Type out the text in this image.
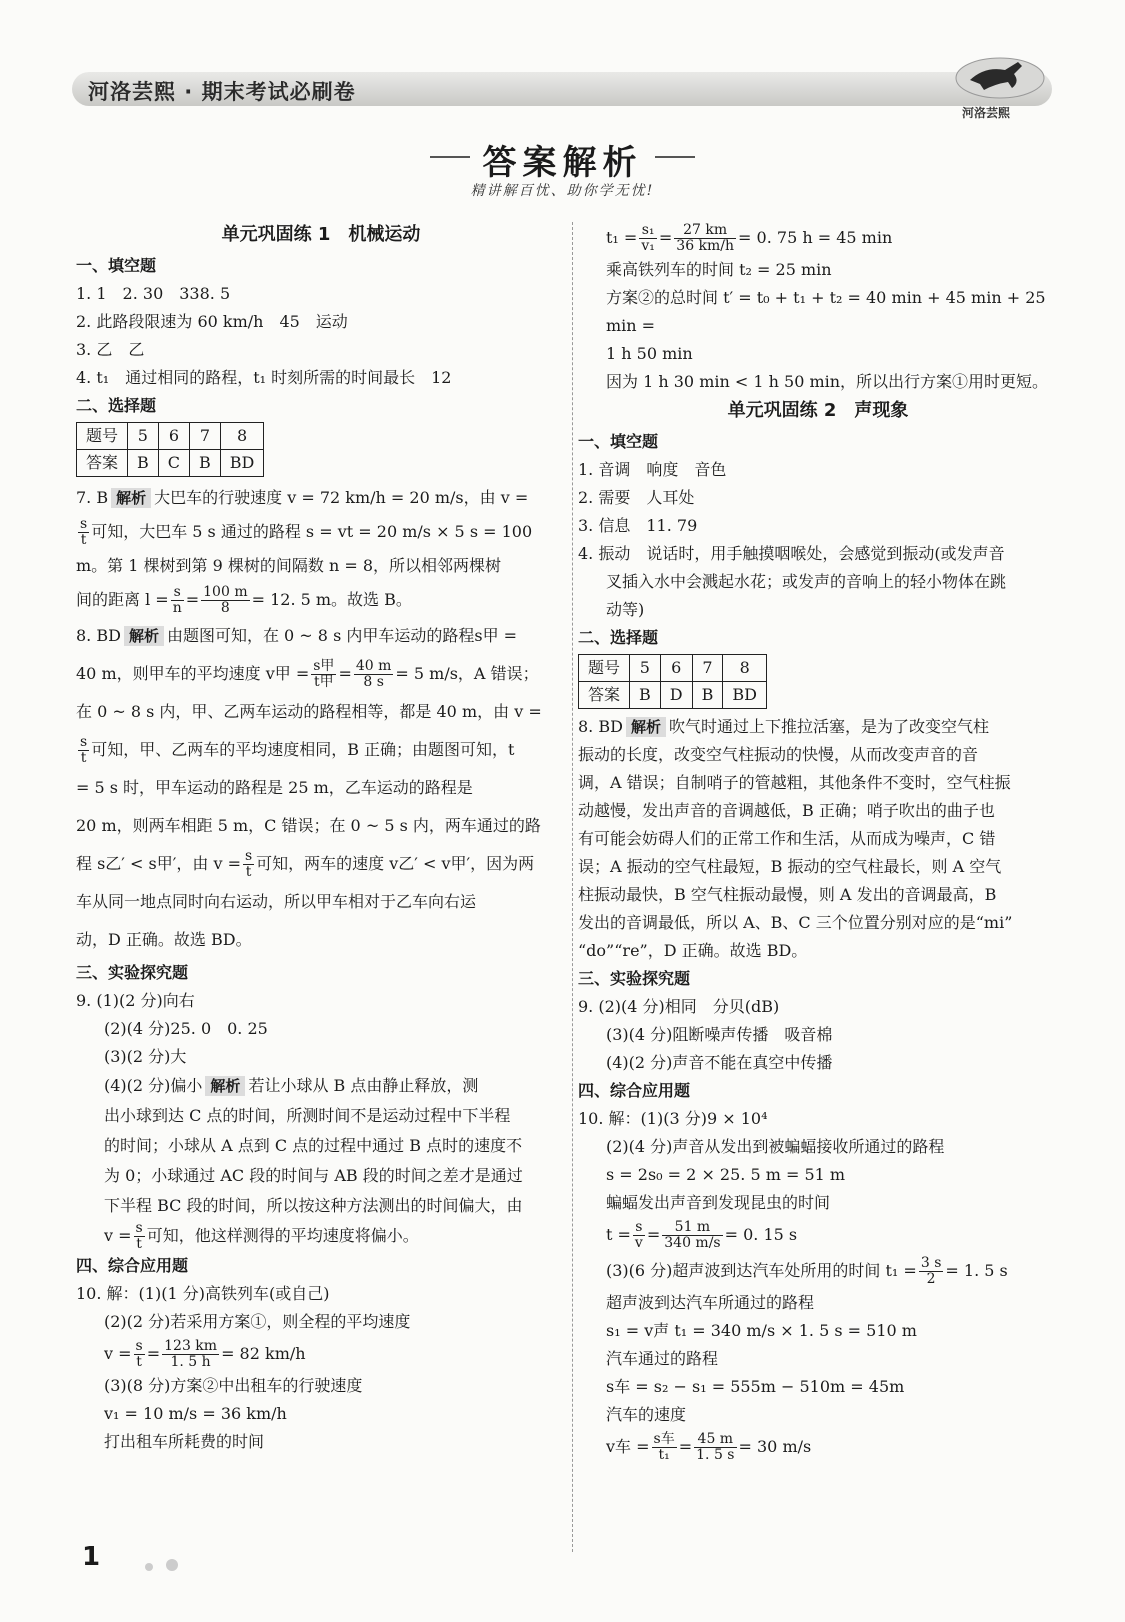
河洛芸熙 · 期末考试必刷卷
河洛芸熙
答案解析
精讲解百忧、助你学无忧!
单元巩固练 1　机械运动
一、填空题
1. 1　2. 30　338. 5
2. 此路段限速为 60 km/h　45　运动
3. 乙　乙
4. t₁　通过相同的路程，t₁ 时刻所需的时间最长　12
二、选择题
题号	5	6	7	8
答案	B	C	B	BD
7. B 解析 大巴车的行驶速度 v = 72 km/h = 20 m/s，由 v =
$\frac{s}{t}$ 可知，大巴车 5 s 通过的路程 s = vt = 20 m/s × 5 s = 100
m。第 1 棵树到第 9 棵树的间隔数 n = 8，所以相邻两棵树
间的距离 $l = \frac{s}{n} = \frac{100 m}{8} = 12$. 5 m。故选 B。
8. BD 解析 由题图可知，在 0 ~ 8 s 内甲车运动的路程s甲 =
40 m，则甲车的平均速度 v甲 = $\frac{\text{s甲}}{\text{t甲}} = \frac{40 m}{8 s} = 5$ m/s，A 错误；
在 0 ~ 8 s 内，甲、乙两车运动的路程相等，都是 40 m，由 v =
$\frac{s}{t}$ 可知，甲、乙两车的平均速度相同，B 正确；由题图可知，t
= 5 s 时，甲车运动的路程是 25 m，乙车运动的路程是
20 m，则两车相距 5 m，C 错误；在 0 ~ 5 s 内，两车通过的路
程 s乙′ < s甲′，由 $v = \frac{s}{t}$ 可知，两车的速度 v乙′ < v甲′，因为两
车从同一地点同时向右运动，所以甲车相对于乙车向右运
动，D 正确。故选 BD。
三、实验探究题
9. (1)(2 分)向右
(2)(4 分)25. 0　0. 25
(3)(2 分)大
(4)(2 分)偏小 解析 若让小球从 B 点由静止释放，测
出小球到达 C 点的时间，所测时间不是运动过程中下半程
的时间；小球从 A 点到 C 点的过程中通过 B 点时的速度不
为 0；小球通过 AC 段的时间与 AB 段的时间之差才是通过
下半程 BC 段的时间，所以按这种方法测出的时间偏大，由
$v = \frac{s}{t}$ 可知，他这样测得的平均速度将偏小。
四、综合应用题
10. 解：(1)(1 分)高铁列车(或自己)
(2)(2 分)若采用方案①，则全程的平均速度
$v = \frac{s}{t} = \frac{123 km}{1. 5 h} = 82$ km/h
(3)(8 分)方案②中出租车的行驶速度
v₁ = 10 m/s = 36 km/h
打出租车所耗费的时间
$t_1 = \frac{\text{s₁}}{\text{v₁}} = \frac{27 km}{36 km/h} = 0$. 75 h = 45 min
乘高铁列车的时间 t₂ = 25 min
方案②的总时间 t′ = t₀ + t₁ + t₂ = 40 min + 45 min + 25 min =
1 h 50 min
因为 1 h 30 min < 1 h 50 min，所以出行方案①用时更短。
单元巩固练 2　声现象
一、填空题
1. 音调　响度　音色
2. 需要　人耳处
3. 信息　11. 79
4. 振动　说话时，用手触摸咽喉处，会感觉到振动(或发声音
叉插入水中会溅起水花；或发声的音响上的轻小物体在跳
动等)
二、选择题
题号	5	6	7	8
答案	B	D	B	BD
8. BD 解析 吹气时通过上下推拉活塞，是为了改变空气柱
振动的长度，改变空气柱振动的快慢，从而改变声音的音
调，A 错误；自制哨子的管越粗，其他条件不变时，空气柱振
动越慢，发出声音的音调越低，B 正确；哨子吹出的曲子也
有可能会妨碍人们的正常工作和生活，从而成为噪声，C 错
误；A 振动的空气柱最短，B 振动的空气柱最长，则 A 空气
柱振动最快，B 空气柱振动最慢，则 A 发出的音调最高，B
发出的音调最低，所以 A、B、C 三个位置分别对应的是“mi”
“do”“re”，D 正确。故选 BD。
三、实验探究题
9. (2)(4 分)相同　分贝(dB)
(3)(4 分)阻断噪声传播　吸音棉
(4)(2 分)声音不能在真空中传播
四、综合应用题
10. 解：(1)(3 分)9 × 10⁴
(2)(4 分)声音从发出到被蝙蝠接收所通过的路程
s = 2s₀ = 2 × 25. 5 m = 51 m
蝙蝠发出声音到发现昆虫的时间
$t = \frac{s}{v} = \frac{51 m}{340 m/s} = 0$. 15 s
(3)(6 分)超声波到达汽车处所用的时间 $t_1 = \frac{3 s}{2} = 1$. 5 s
超声波到达汽车所通过的路程
s₁ = v声 t₁ = 340 m/s × 1. 5 s = 510 m
汽车通过的路程
s车 = s₂ − s₁ = 555m − 510m = 45m
汽车的速度
v车 = $\frac{\text{s车}}{\text{t₁}} = \frac{45 m}{1. 5 s} = 30$ m/s
1
